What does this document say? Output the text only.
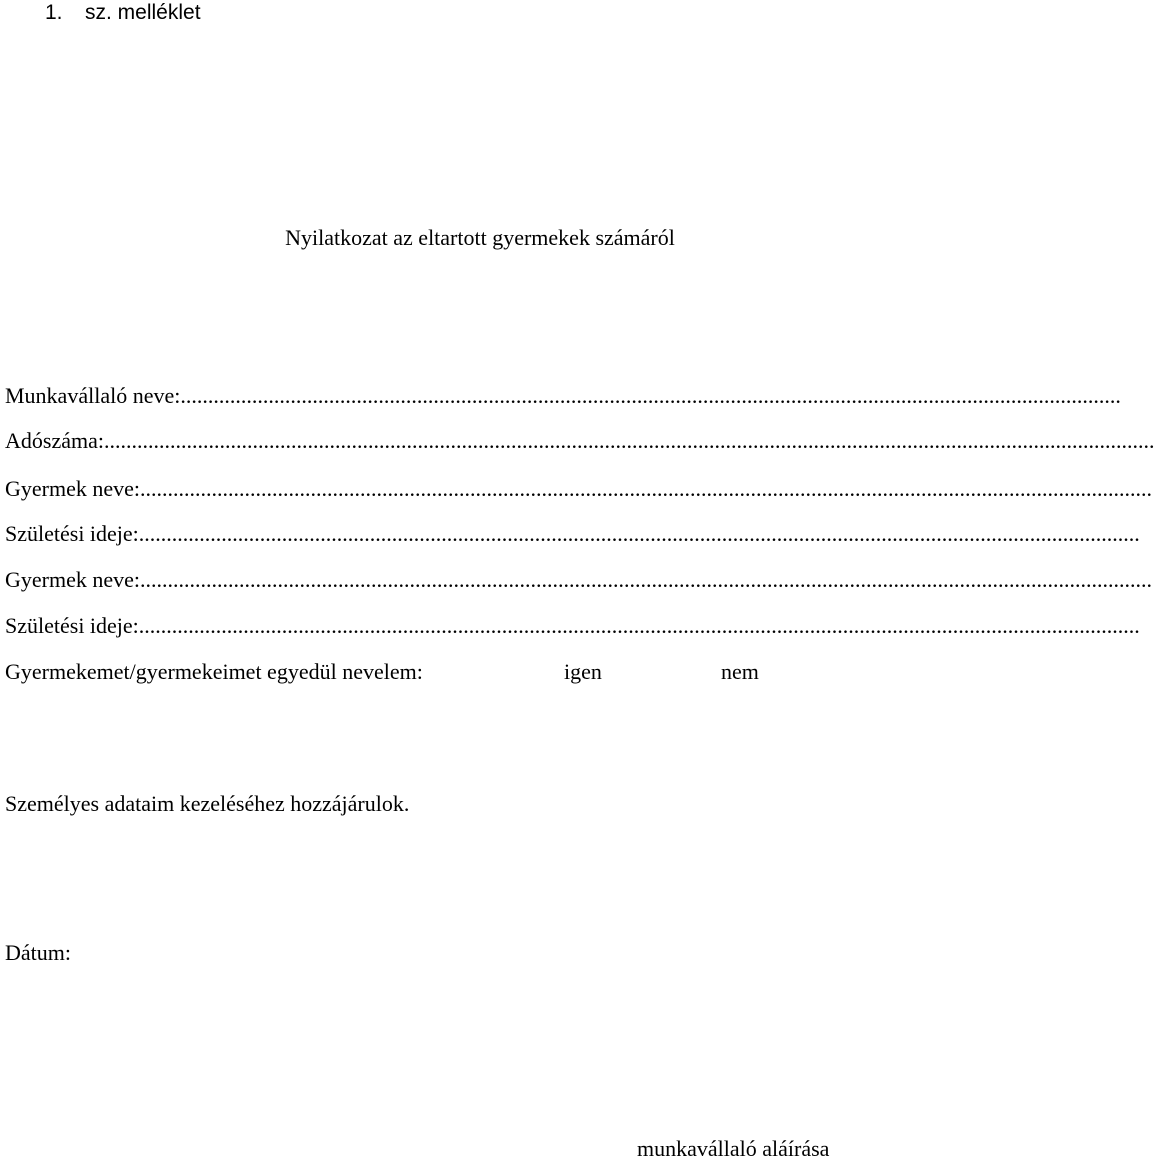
1. sz. melléklet
Nyilatkozat az eltartott gyermekek számáról
Munkavállaló neve: ...........................................................................................................................................................................
Adószáma: ...............................................................................................................................................................................................
Gyermek neve: ........................................................................................................................................................................................
Születési ideje: ......................................................................................................................................................................................
Gyermek neve: ........................................................................................................................................................................................
Születési ideje: ......................................................................................................................................................................................
Gyermekemet/gyermekeimet egyedül nevelem:	igen	nem
Személyes adataim kezeléséhez hozzájárulok.
Dátum:
munkavállaló aláírása
